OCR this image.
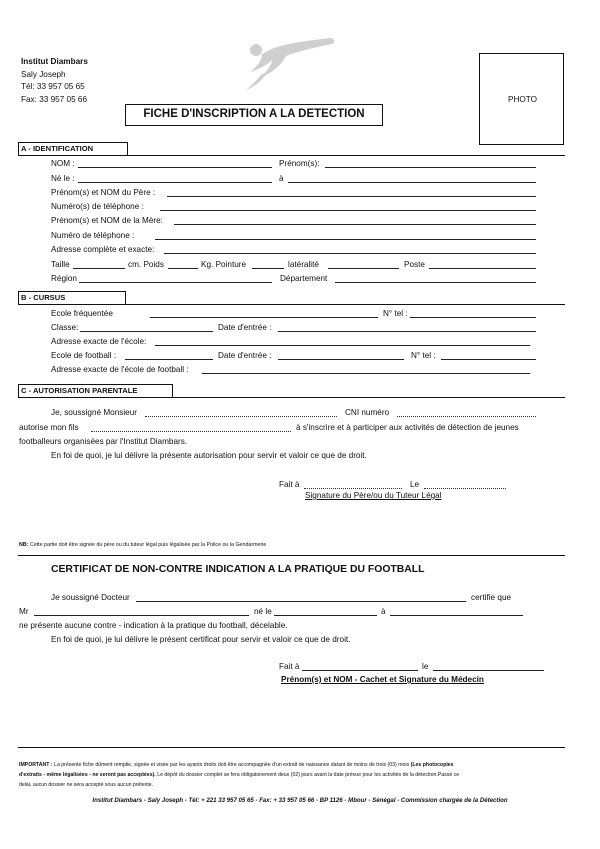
Institut Diambars
Saly Joseph
Tél: 33 957 05 65
Fax: 33 957 05 66	PHOTO
FICHE D'INSCRIPTION A LA DETECTION
A - IDENTIFICATION
NOM :	Prénom(s):
Né le :	à
Prénom(s) et NOM du Père :
Numéro(s) de téléphone :
Prénom(s) et NOM de la Mère:
Numéro de téléphone :
Adresse complète et exacte:
Taille	cm. Poids	Kg. Pointure	latéralité	Poste
Région	Département
B - CURSUS
Ecole fréquentée	N° tel :
Classe:	Date d'entrée :
Adresse exacte de l'école:
Ecole de football :	Date d'entrée :	N° tel :
Adresse exacte de l'école de football :
C - AUTORISATION PARENTALE
Je, soussigné Monsieur	CNI numéro
autorise mon fils	à s'inscrire et à participer aux activités de détection de jeunes
footballeurs organisées par l'Institut Diambars.
En foi de quoi, je lui délivre la présente autorisation pour servir et valoir ce que de droit.
Fait à	Le
Signature du Père/ou du Tuteur Légal
NB: Cette partie doit être signée du père ou du tuteur légal puis légalisée par la Police ou la Gendarmerie
CERTIFICAT DE NON-CONTRE INDICATION A LA PRATIQUE DU FOOTBALL
Je soussigné Docteur	certifie que
Mr	né le	à
ne présente aucune contre - indication à la pratique du football, décelable.
En foi de quoi, je lui délivre le présent certificat pour servir et valoir ce que de droit.
Fait à	le
Prénom(s) et NOM - Cachet et Signature du Médecin
IMPORTANT : La présente fiche dûment remplie, signée et visée par les ayants droits doit être accompagnée d'un extrait de naissance datant de moins de trois (03) mois (Les photocopies
d'extraits - même légalisées - ne seront pas acceptées). Le dépôt du dossier complet se fera obligatoirement deux (02) jours avant la date prévue pour les activités de la détection.Passé ce
delai, aucun dossier ne sera accepté sous aucun prétexte.
Institut Diambars - Saly Joseph - Tél: + 221 33 957 05 65 - Fax: + 33 957 05 66 - BP 1126 - Mbour - Sénégal - Commission chargée de la Détection
